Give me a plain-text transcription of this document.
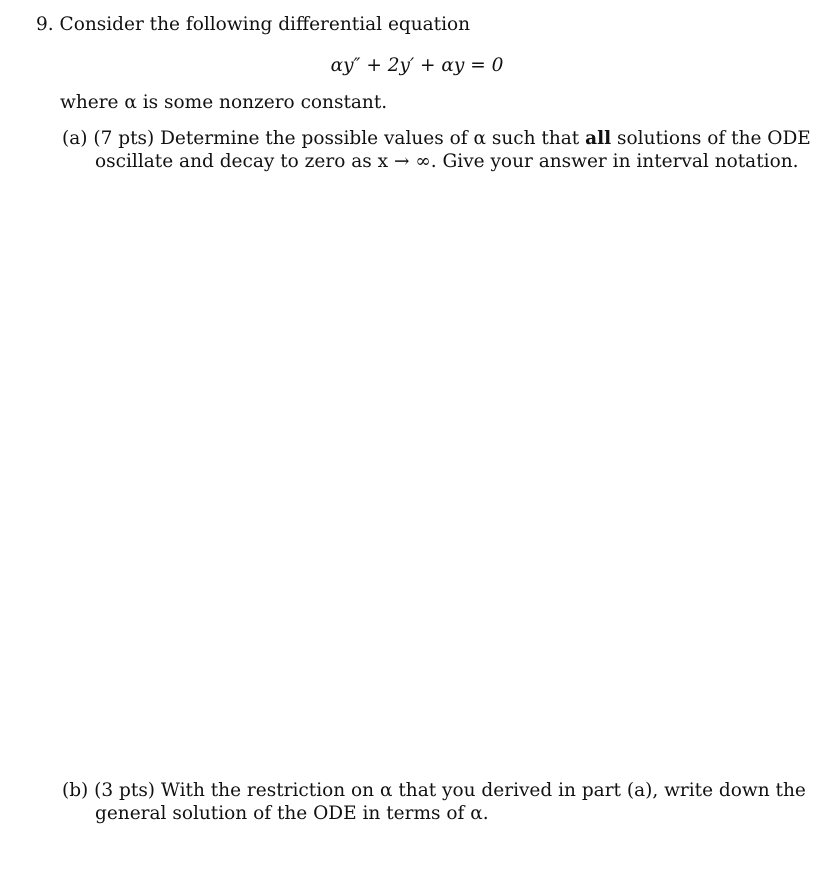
9. Consider the following differential equation
αy″ + 2y′ + αy = 0
where α is some nonzero constant.
(a) (7 pts) Determine the possible values of α such that all solutions of the ODE
oscillate and decay to zero as x → ∞. Give your answer in interval notation.
(b) (3 pts) With the restriction on α that you derived in part (a), write down the
general solution of the ODE in terms of α.
